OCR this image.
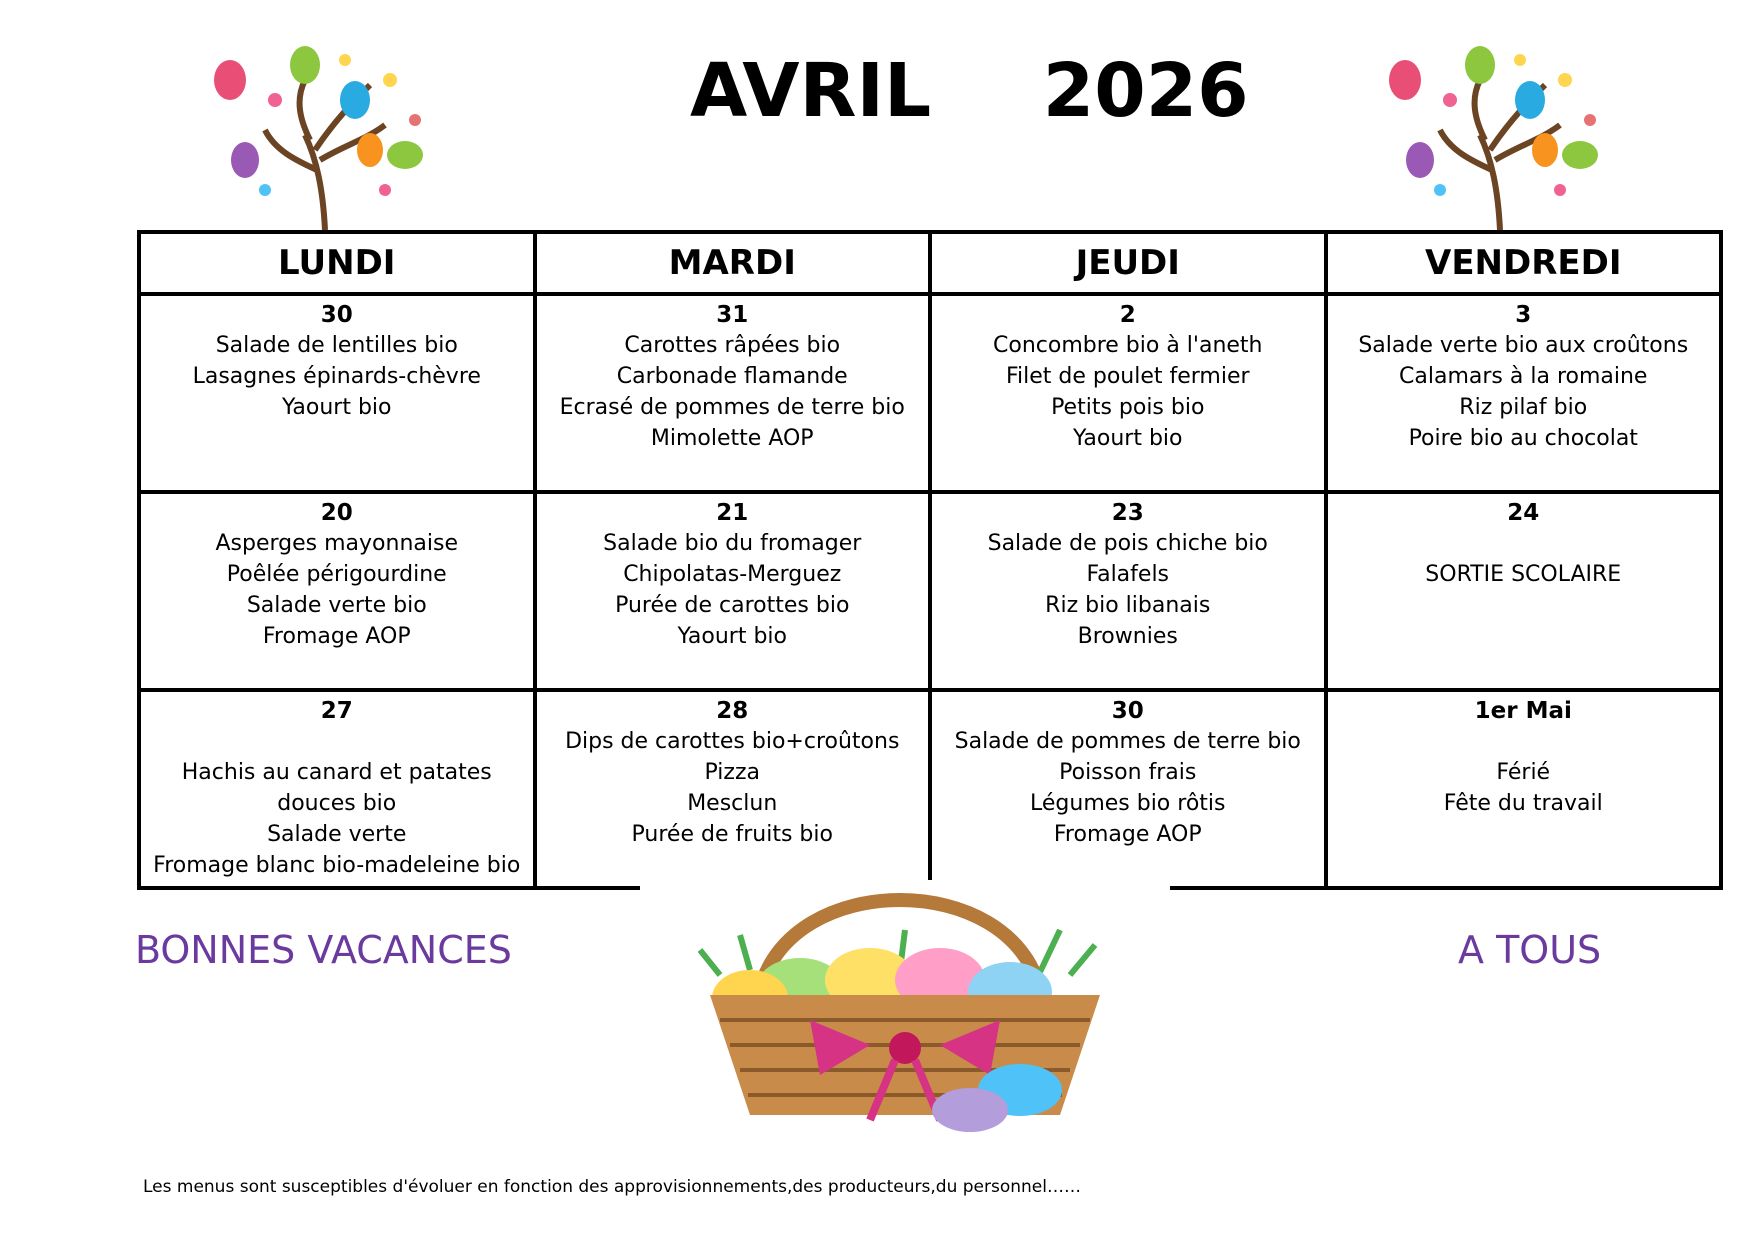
AVRIL  2026
LUNDI	MARDI	JEUDI	VENDREDI

30
Salade de lentilles bio
Lasagnes épinards-chèvre
Yaourt bio	31
Carottes râpées bio
Carbonade flamande
Ecrasé de pommes de terre bio
Mimolette AOP	2
Concombre bio à l'aneth
Filet de poulet fermier
Petits pois bio
Yaourt bio	3
Salade verte bio aux croûtons
Calamars à la romaine
Riz pilaf bio
Poire bio au chocolat

20
Asperges mayonnaise
Poêlée périgourdine
Salade verte bio
Fromage AOP	21
Salade bio du fromager
Chipolatas-Merguez
Purée de carottes bio
Yaourt bio	23
Salade de pois chiche bio
Falafels
Riz bio libanais
Brownies	24
SORTIE SCOLAIRE

27
Hachis au canard et patates
douces bio
Salade verte
Fromage blanc bio-madeleine bio	28
Dips de carottes bio+croûtons
Pizza
Mesclun
Purée de fruits bio	30
Salade de pommes de terre bio
Poisson frais
Légumes bio rôtis
Fromage AOP	1er Mai
Férié
Fête du travail
BONNES VACANCES	A TOUS
Les menus sont susceptibles d'évoluer en fonction des approvisionnements,des producteurs,du personnel……
